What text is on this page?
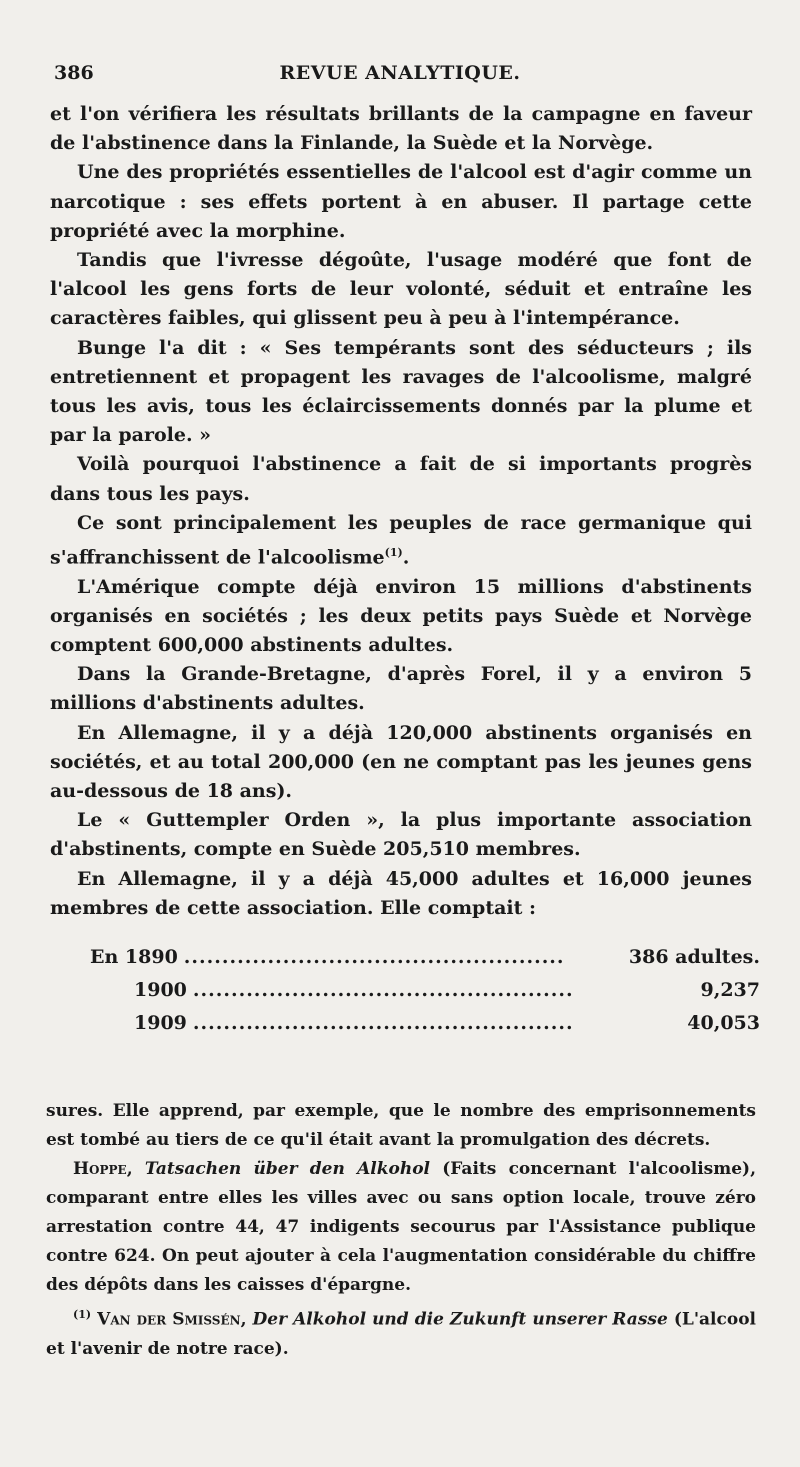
386	REVUE ANALYTIQUE.

et l'on vérifiera les résultats brillants de la campagne en faveur de l'abstinence dans la Finlande, la Suède et la Norvège.

Une des propriétés essentielles de l'alcool est d'agir comme un narcotique : ses effets portent à en abuser. Il partage cette propriété avec la morphine.

Tandis que l'ivresse dégoûte, l'usage modéré que font de l'alcool les gens forts de leur volonté, séduit et entraîne les caractères faibles, qui glissent peu à peu à l'intempérance.

Bunge l'a dit : « Ses tempérants sont des séducteurs ; ils entretiennent et propagent les ravages de l'alcoolisme, malgré tous les avis, tous les éclaircissements donnés par la plume et par la parole. »

Voilà pourquoi l'abstinence a fait de si importants progrès dans tous les pays.

Ce sont principalement les peuples de race germanique qui s'affranchissent de l'alcoolisme$^{(1)}$.

L'Amérique compte déjà environ 15 millions d'abstinents organisés en sociétés ; les deux petits pays Suède et Norvège comptent 600,000 abstinents adultes.

Dans la Grande-Bretagne, d'après Forel, il y a environ 5 millions d'abstinents adultes.

En Allemagne, il y a déjà 120,000 abstinents organisés en sociétés, et au total 200,000 (en ne comptant pas les jeunes gens au-dessous de 18 ans).

Le « Guttempler Orden », la plus importante association d'abstinents, compte en Suède 205,510 membres.

En Allemagne, il y a déjà 45,000 adultes et 16,000 jeunes membres de cette association. Elle comptait :

En 1890 ..................................................	386 adultes.
1900 ..................................................	9,237
1909 ..................................................	40,053

sures. Elle apprend, par exemple, que le nombre des emprisonnements est tombé au tiers de ce qu'il était avant la promulgation des décrets.

Hoppe, Tatsachen über den Alkohol (Faits concernant l'alcoolisme), comparant entre elles les villes avec ou sans option locale, trouve zéro arrestation contre 44, 47 indigents secourus par l'Assistance publique contre 624. On peut ajouter à cela l'augmentation considérable du chiffre des dépôts dans les caisses d'épargne.

$^{(1)}$ Van der Smissén, Der Alkohol und die Zukunft unserer Rasse (L'alcool et l'avenir de notre race).
